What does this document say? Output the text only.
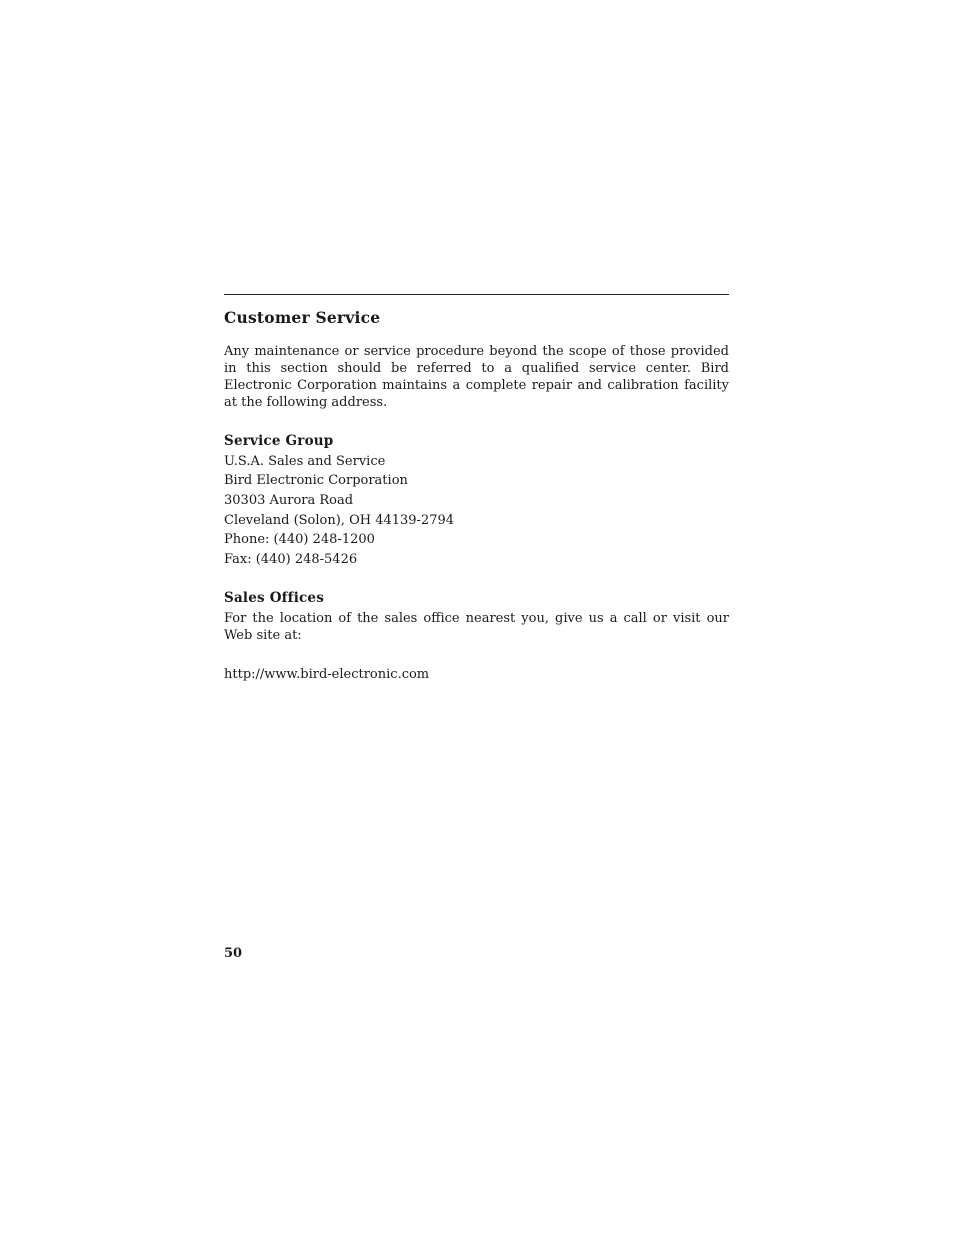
Customer Service
Any maintenance or service procedure beyond the scope of those provided in this section should be referred to a qualified service center. Bird Electronic Corporation maintains a complete repair and calibration facility at the following address.
Service Group
U.S.A. Sales and Service
Bird Electronic Corporation
30303 Aurora Road
Cleveland (Solon), OH 44139-2794
Phone: (440) 248-1200
Fax: (440) 248-5426
Sales Offices
For the location of the sales office nearest you, give us a call or visit our Web site at:
http://www.bird-electronic.com
50
